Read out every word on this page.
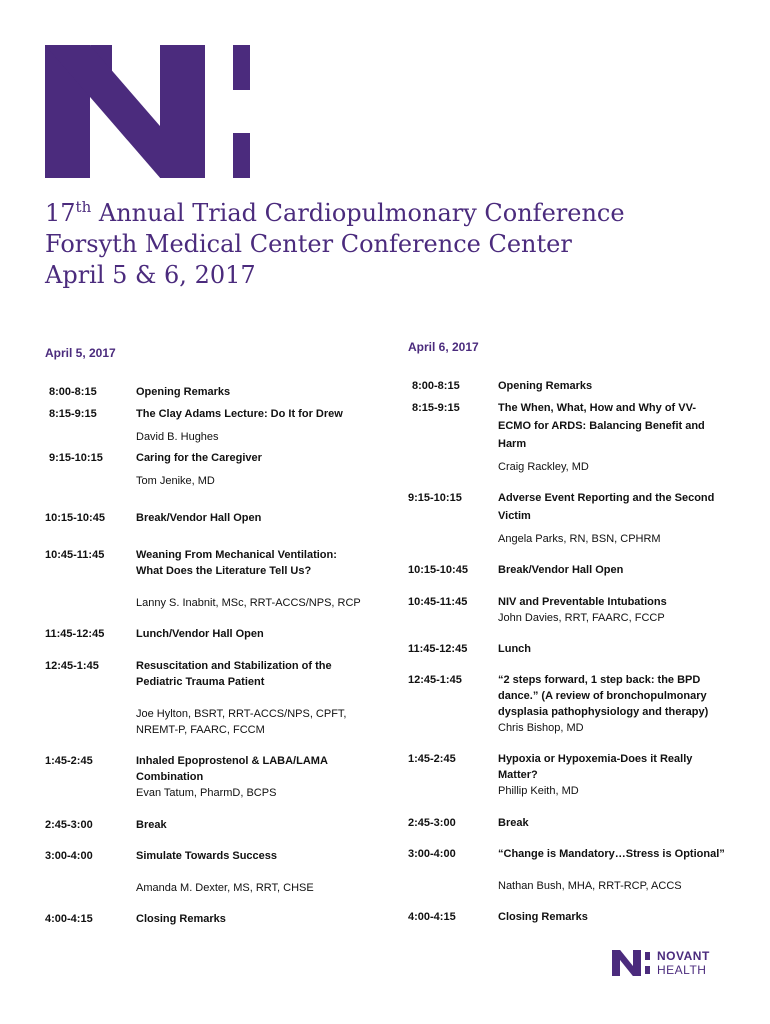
17th Annual Triad Cardiopulmonary Conference
Forsyth Medical Center Conference Center
April 5 & 6, 2017
April 5, 2017	April 6, 2017
8:00-8:15	Opening Remarks
8:15-9:15	The Clay Adams Lecture: Do It for Drew
David B. Hughes
9:15-10:15	Caring for the Caregiver
Tom Jenike, MD
10:15-10:45	Break/Vendor Hall Open
10:45-11:45	Weaning From Mechanical Ventilation:
What Does the Literature Tell Us?
Lanny S. Inabnit, MSc, RRT-ACCS/NPS, RCP
11:45-12:45	Lunch/Vendor Hall Open
12:45-1:45	Resuscitation and Stabilization of the
Pediatric Trauma Patient
Joe Hylton, BSRT, RRT-ACCS/NPS, CPFT,
NREMT-P, FAARC, FCCM
1:45-2:45	Inhaled Epoprostenol & LABA/LAMA
Combination
Evan Tatum, PharmD, BCPS
2:45-3:00	Break
3:00-4:00	Simulate Towards Success
Amanda M. Dexter, MS, RRT, CHSE
4:00-4:15	Closing Remarks
8:00-8:15	Opening Remarks
8:15-9:15	The When, What, How and Why of VV-
ECMO for ARDS: Balancing Benefit and
Harm
Craig Rackley, MD
9:15-10:15	Adverse Event Reporting and the Second
Victim
Angela Parks, RN, BSN, CPHRM
10:15-10:45	Break/Vendor Hall Open
10:45-11:45	NIV and Preventable Intubations
John Davies, RRT, FAARC, FCCP
11:45-12:45	Lunch
12:45-1:45	“2 steps forward, 1 step back: the BPD
dance.” (A review of bronchopulmonary
dysplasia pathophysiology and therapy)
Chris Bishop, MD
1:45-2:45	Hypoxia or Hypoxemia-Does it Really
Matter?
Phillip Keith, MD
2:45-3:00	Break
3:00-4:00	“Change is Mandatory…Stress is Optional”
Nathan Bush, MHA, RRT-RCP, ACCS
4:00-4:15	Closing Remarks
NOVANT
HEALTH
